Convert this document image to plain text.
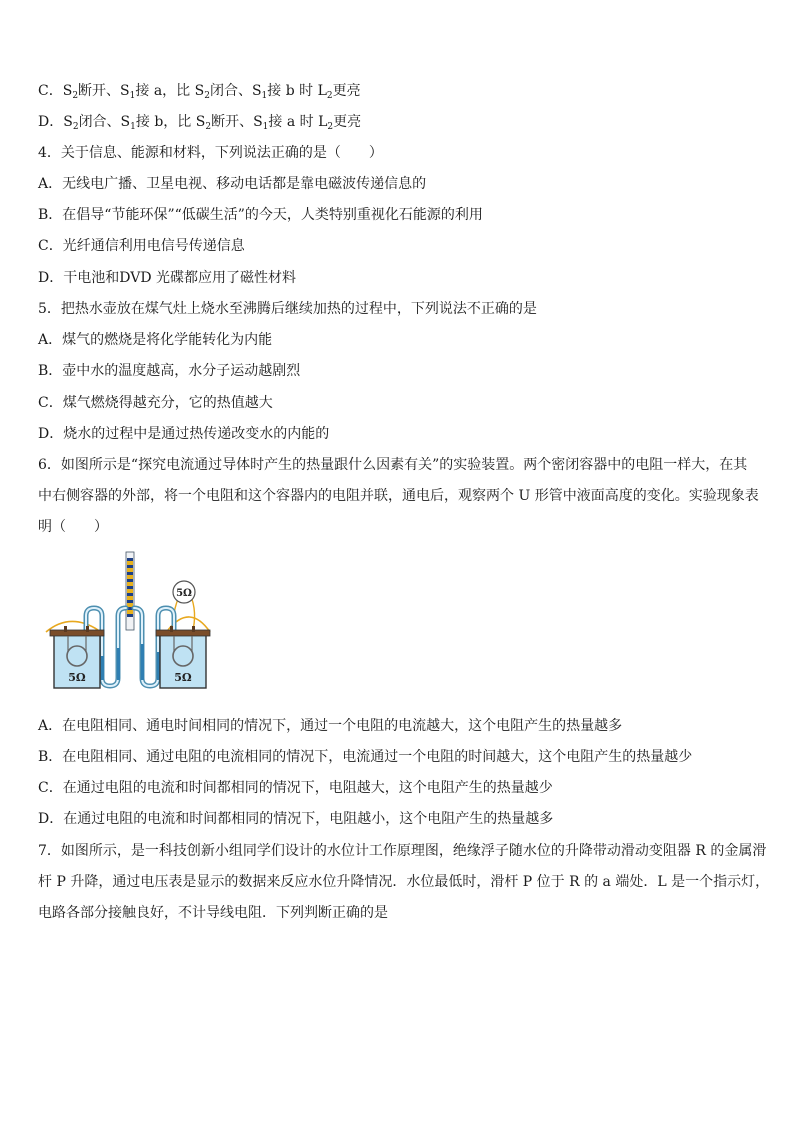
C．$S_2$断开、$S_1$接 a，比 $S_2$闭合、$S_1$接 b 时 $L_2$更亮
D．$S_2$闭合、$S_1$接 b，比 $S_2$断开、$S_1$接 a 时 $L_2$更亮
4．关于信息、能源和材料，下列说法正确的是（　　）
A．无线电广播、卫星电视、移动电话都是靠电磁波传递信息的
B．在倡导“节能环保”“低碳生活”的今天，人类特别重视化石能源的利用
C．光纤通信利用电信号传递信息
D．干电池和DVD 光碟都应用了磁性材料
5．把热水壶放在煤气灶上烧水至沸腾后继续加热的过程中，下列说法不正确的是
A．煤气的燃烧是将化学能转化为内能
B．壶中水的温度越高，水分子运动越剧烈
C．煤气燃烧得越充分，它的热值越大
D．烧水的过程中是通过热传递改变水的内能的
6．如图所示是“探究电流通过导体时产生的热量跟什么因素有关”的实验装置。两个密闭容器中的电阻一样大，在其
中右侧容器的外部，将一个电阻和这个容器内的电阻并联，通电后，观察两个 U 形管中液面高度的变化。实验现象表
明（　　）
5Ω
5Ω	5Ω
A．在电阻相同、通电时间相同的情况下，通过一个电阻的电流越大，这个电阻产生的热量越多
B．在电阻相同、通过电阻的电流相同的情况下，电流通过一个电阻的时间越大，这个电阻产生的热量越少
C．在通过电阻的电流和时间都相同的情况下，电阻越大，这个电阻产生的热量越少
D．在通过电阻的电流和时间都相同的情况下，电阻越小，这个电阻产生的热量越多
7．如图所示，是一科技创新小组同学们设计的水位计工作原理图，绝缘浮子随水位的升降带动滑动变阻器 R 的金属滑
杆 P 升降，通过电压表是显示的数据来反应水位升降情况．水位最低时，滑杆 P 位于 R 的 a 端处．L 是一个指示灯，
电路各部分接触良好，不计导线电阻．下列判断正确的是
